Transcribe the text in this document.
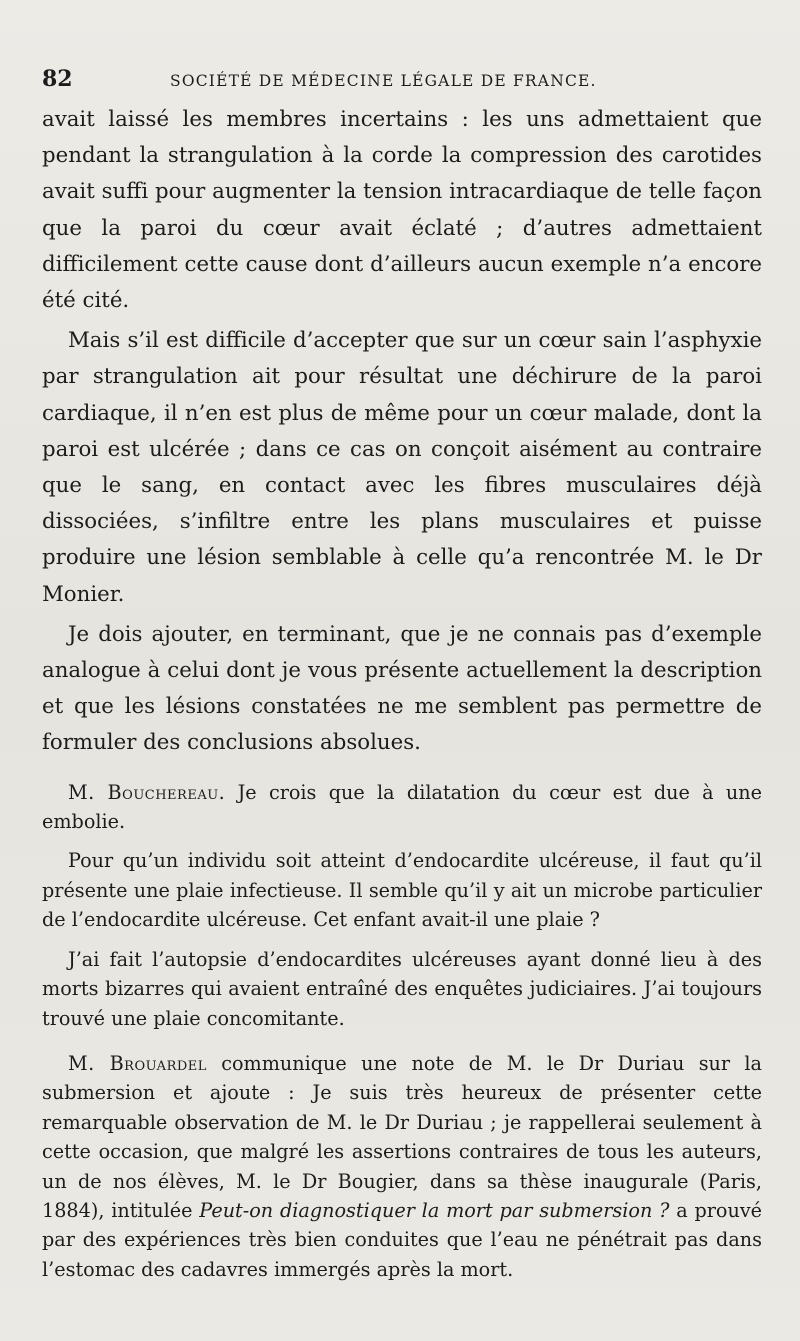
82	SOCIÉTÉ DE MÉDECINE LÉGALE DE FRANCE.

avait laissé les membres incertains : les uns admettaient que pendant la strangulation à la corde la compression des carotides avait suffi pour augmenter la tension intracardiaque de telle façon que la paroi du cœur avait éclaté ; d’autres admettaient difficilement cette cause dont d’ailleurs aucun exemple n’a encore été cité.

Mais s’il est difficile d’accepter que sur un cœur sain l’asphyxie par strangulation ait pour résultat une déchirure de la paroi cardiaque, il n’en est plus de même pour un cœur malade, dont la paroi est ulcérée ; dans ce cas on conçoit aisément au contraire que le sang, en contact avec les fibres musculaires déjà dissociées, s’infiltre entre les plans musculaires et puisse produire une lésion semblable à celle qu’a rencontrée M. le Dr Monier.

Je dois ajouter, en terminant, que je ne connais pas d’exemple analogue à celui dont je vous présente actuellement la description et que les lésions constatées ne me semblent pas permettre de formuler des conclusions absolues.

M. Bouchereau. Je crois que la dilatation du cœur est due à une embolie.

Pour qu’un individu soit atteint d’endocardite ulcéreuse, il faut qu’il présente une plaie infectieuse. Il semble qu’il y ait un microbe particulier de l’endocardite ulcéreuse. Cet enfant avait-il une plaie ?

J’ai fait l’autopsie d’endocardites ulcéreuses ayant donné lieu à des morts bizarres qui avaient entraîné des enquêtes judiciaires. J’ai toujours trouvé une plaie concomitante.

M. Brouardel communique une note de M. le Dr Duriau sur la submersion et ajoute : Je suis très heureux de présenter cette remarquable observation de M. le Dr Duriau ; je rappellerai seulement à cette occasion, que malgré les assertions contraires de tous les auteurs, un de nos élèves, M. le Dr Bougier, dans sa thèse inaugurale (Paris, 1884), intitulée Peut-on diagnostiquer la mort par submersion ? a prouvé par des expériences très bien conduites que l’eau ne pénétrait pas dans l’estomac des cadavres immergés après la mort.
